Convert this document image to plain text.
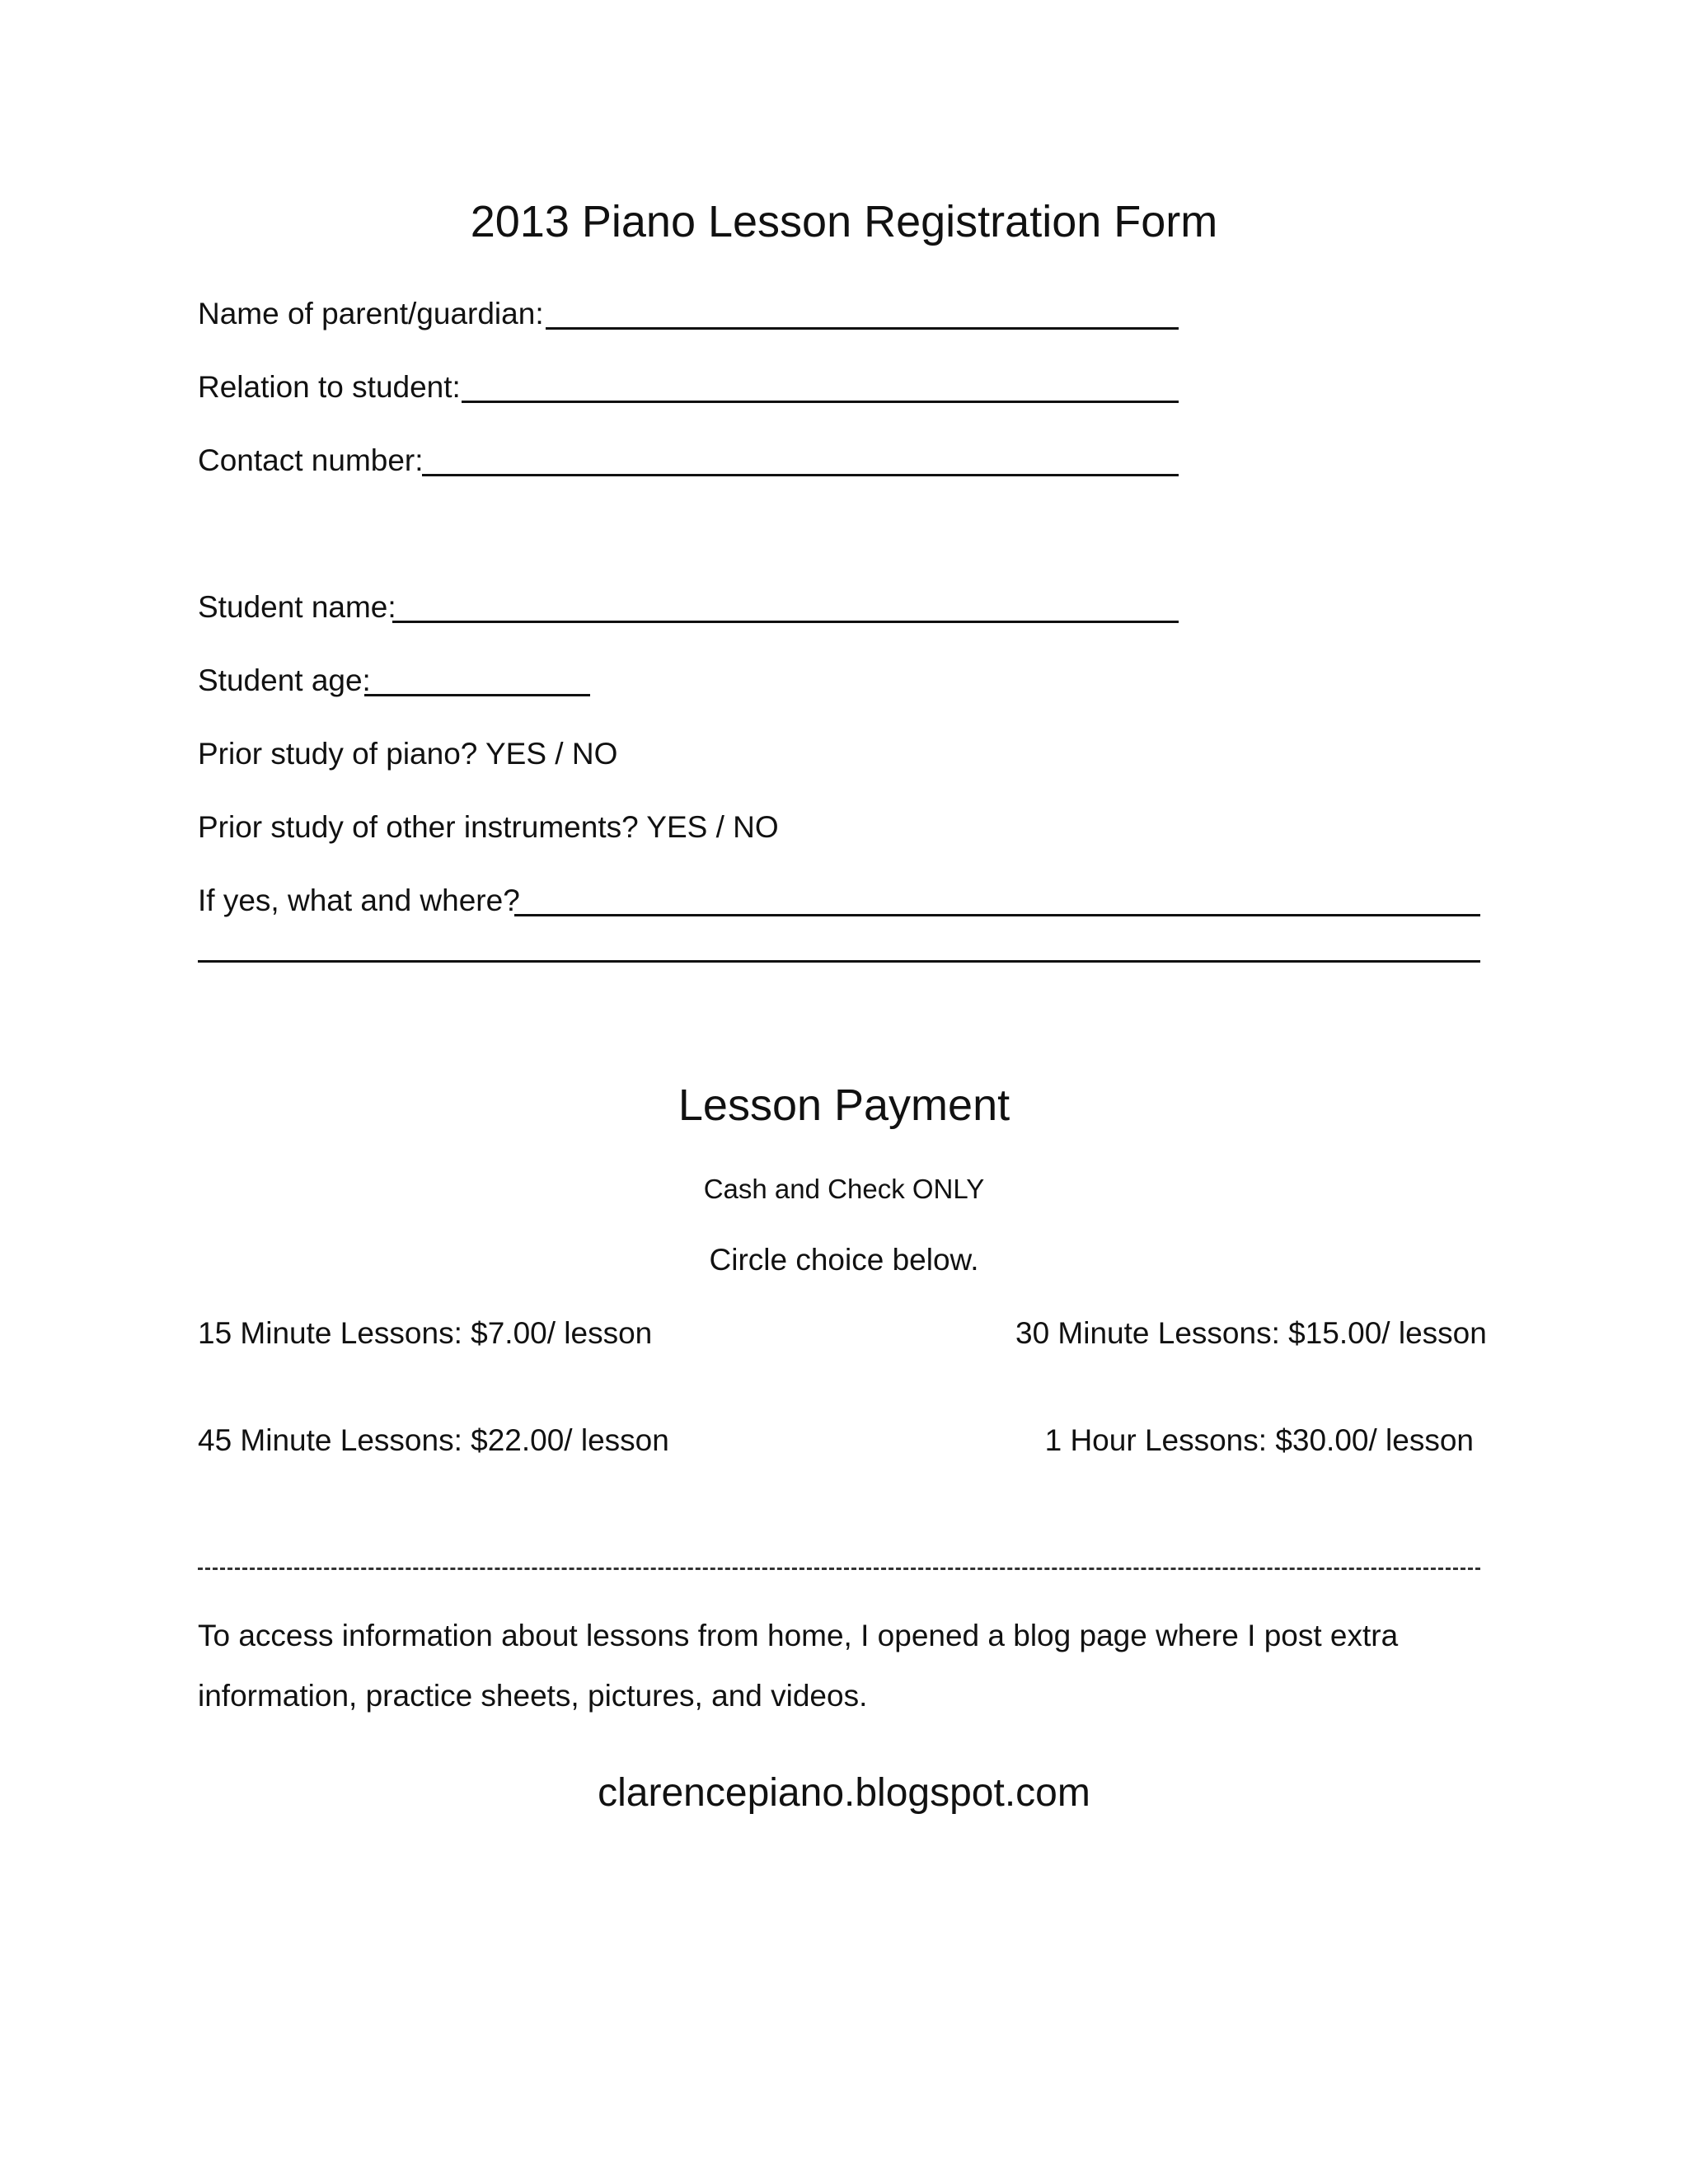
2013 Piano Lesson Registration Form
Name of parent/guardian:
Relation to student:
Contact number:
Student name:
Student age:
Prior study of piano? YES / NO
Prior study of other instruments? YES / NO
If yes, what and where?
Lesson Payment
Cash and Check ONLY
Circle choice below.
15 Minute Lessons: $7.00/ lesson	30 Minute Lessons: $15.00/ lesson
45 Minute Lessons: $22.00/ lesson	1 Hour Lessons: $30.00/ lesson
To access information about lessons from home, I opened a blog page where I post extra
information, practice sheets, pictures, and videos.
clarencepiano.blogspot.com
